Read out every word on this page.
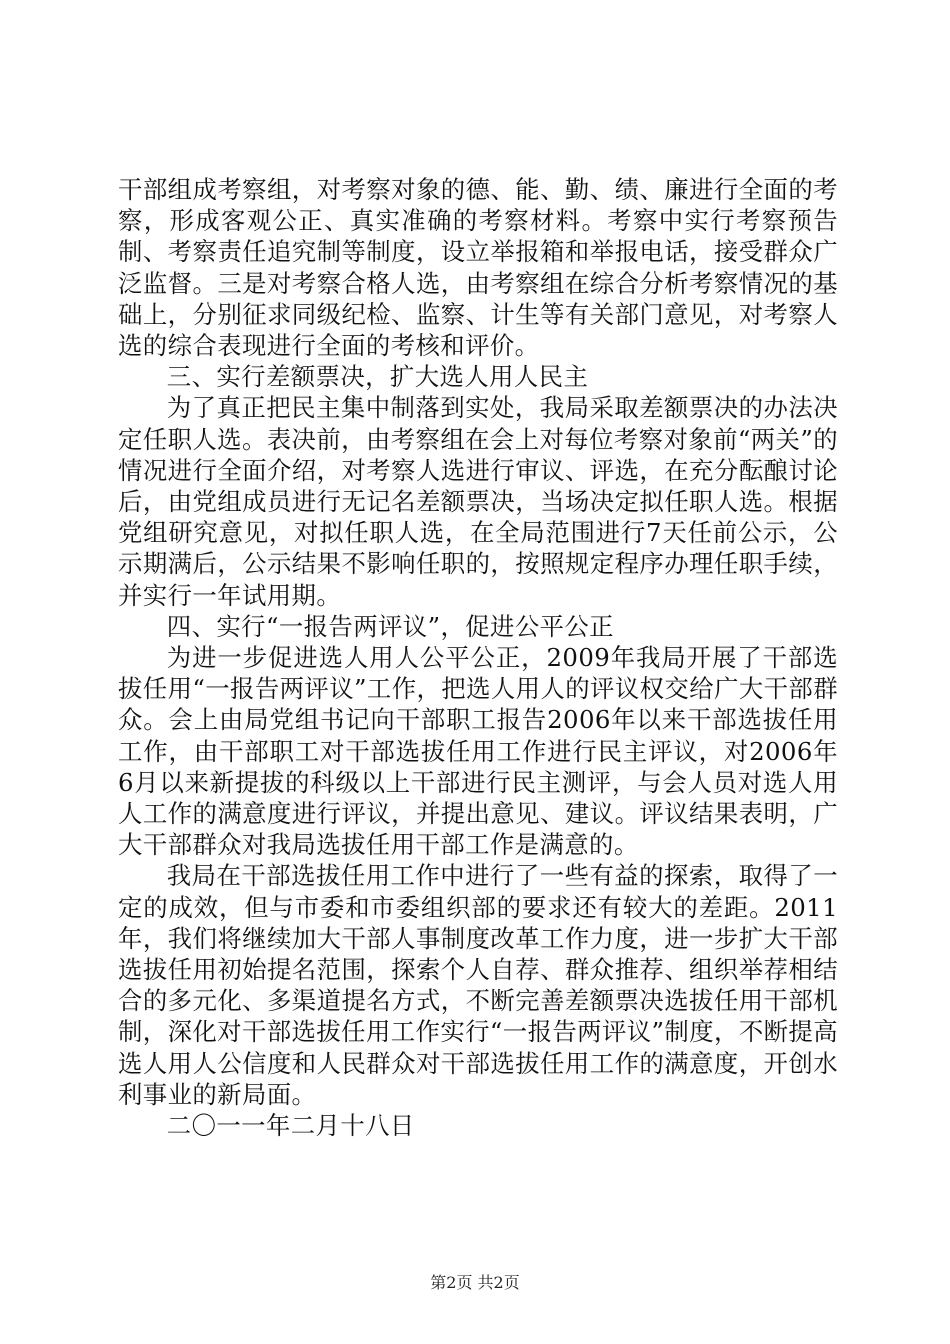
干部组成考察组，对考察对象的德、能、勤、绩、廉进行全面的考察，形成客观公正、真实准确的考察材料。考察中实行考察预告制、考察责任追究制等制度，设立举报箱和举报电话，接受群众广泛监督。三是对考察合格人选，由考察组在综合分析考察情况的基础上，分别征求同级纪检、监察、计生等有关部门意见，对考察人选的综合表现进行全面的考核和评价。

三、实行差额票决，扩大选人用人民主

为了真正把民主集中制落到实处，我局采取差额票决的办法决定任职人选。表决前，由考察组在会上对每位考察对象前“两关”的情况进行全面介绍，对考察人选进行审议、评选，在充分酝酿讨论后，由党组成员进行无记名差额票决，当场决定拟任职人选。根据党组研究意见，对拟任职人选，在全局范围进行7天任前公示，公示期满后，公示结果不影响任职的，按照规定程序办理任职手续，并实行一年试用期。

四、实行“一报告两评议”，促进公平公正

为进一步促进选人用人公平公正，2009年我局开展了干部选拔任用“一报告两评议”工作，把选人用人的评议权交给广大干部群众。会上由局党组书记向干部职工报告2006年以来干部选拔任用工作，由干部职工对干部选拔任用工作进行民主评议，对2006年6月以来新提拔的科级以上干部进行民主测评，与会人员对选人用人工作的满意度进行评议，并提出意见、建议。评议结果表明，广大干部群众对我局选拔任用干部工作是满意的。

我局在干部选拔任用工作中进行了一些有益的探索，取得了一定的成效，但与市委和市委组织部的要求还有较大的差距。2011年，我们将继续加大干部人事制度改革工作力度，进一步扩大干部选拔任用初始提名范围，探索个人自荐、群众推荐、组织举荐相结合的多元化、多渠道提名方式，不断完善差额票决选拔任用干部机制，深化对干部选拔任用工作实行“一报告两评议”制度，不断提高选人用人公信度和人民群众对干部选拔任用工作的满意度，开创水利事业的新局面。

二〇一一年二月十八日

第2页 共2页
